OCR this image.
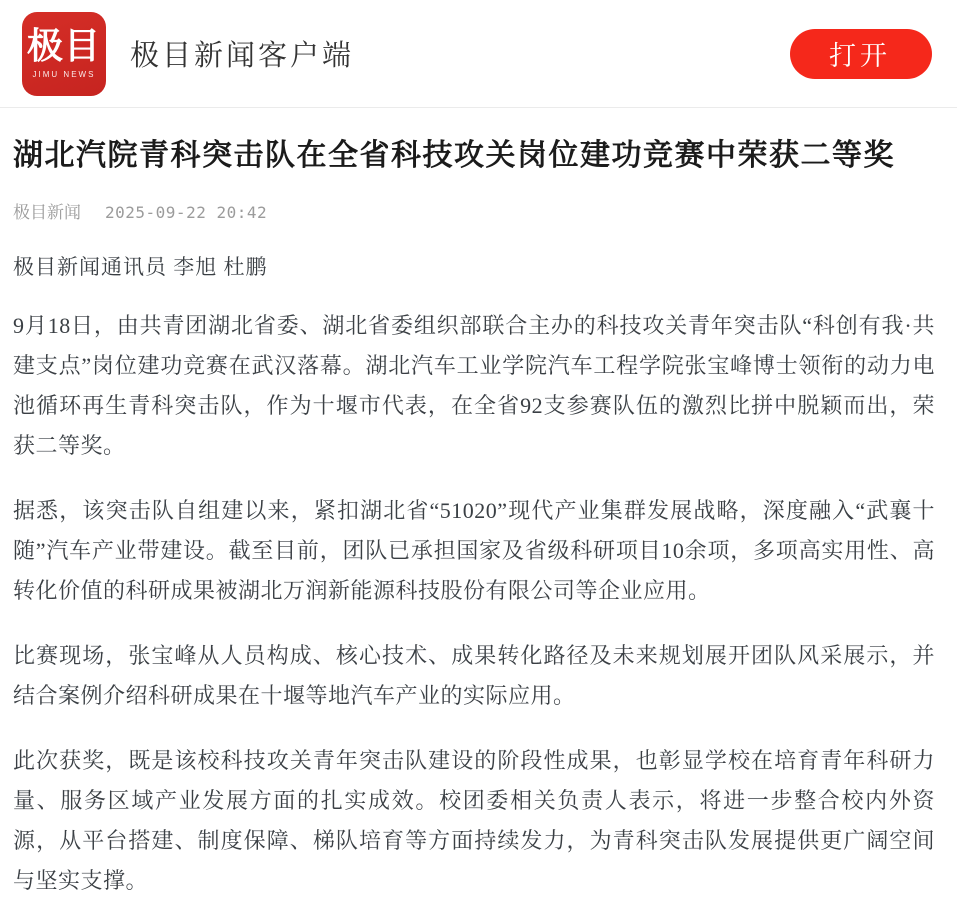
极目
JIMU NEWS
极目新闻客户端	打开
湖北汽院青科突击队在全省科技攻关岗位建功竞赛中荣获二等奖
极目新闻 2025-09-22 20:42

极目新闻通讯员 李旭 杜鹏

9月18日，由共青团湖北省委、湖北省委组织部联合主办的科技攻关青年突击队“科创有我·共建支点”岗位建功竞赛在武汉落幕。湖北汽车工业学院汽车工程学院张宝峰博士领衔的动力电池循环再生青科突击队，作为十堰市代表，在全省92支参赛队伍的激烈比拼中脱颖而出，荣获二等奖。

据悉，该突击队自组建以来，紧扣湖北省“51020”现代产业集群发展战略，深度融入“武襄十随”汽车产业带建设。截至目前，团队已承担国家及省级科研项目10余项，多项高实用性、高转化价值的科研成果被湖北万润新能源科技股份有限公司等企业应用。

比赛现场，张宝峰从人员构成、核心技术、成果转化路径及未来规划展开团队风采展示，并结合案例介绍科研成果在十堰等地汽车产业的实际应用。

此次获奖，既是该校科技攻关青年突击队建设的阶段性成果，也彰显学校在培育青年科研力量、服务区域产业发展方面的扎实成效。校团委相关负责人表示，将进一步整合校内外资源，从平台搭建、制度保障、梯队培育等方面持续发力，为青科突击队发展提供更广阔空间与坚实支撑。
